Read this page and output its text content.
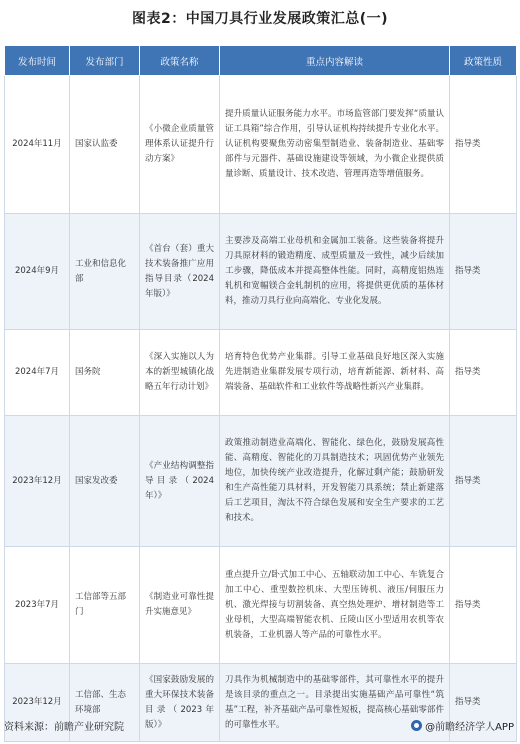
图表2：中国刀具行业发展政策汇总(一)
发布时间	发布部门	政策名称	重点内容解读	政策性质
2024年11月	国家认监委	《小微企业质量管理体系认证提升行动方案》	提升质量认证服务能力水平。市场监管部门要发挥“质量认证工具箱”综合作用，引导认证机构持续提升专业化水平。认证机构要聚焦劳动密集型制造业、装备制造业、基础零部件与元器件、基础设施建设等领域，为小微企业提供质量诊断、质量设计、技术改造、管理再造等增值服务。	指导类
2024年9月	工业和信息化部	《首台（套）重大技术装备推广应用指导目录（2024年版）》	主要涉及高端工业母机和金属加工装备。这些装备将提升刀具原材料的锻造精度、成型质量及一致性，减少后续加工步骤，降低成本并提高整体性能。同时，高精度铝热连轧机和宽幅镁合金轧制机的应用，将提供更优质的基体材料，推动刀具行业向高端化、专业化发展。	指导类
2024年7月	国务院	《深入实施以人为本的新型城镇化战略五年行动计划》	培育特色优势产业集群。引导工业基础良好地区深入实施先进制造业集群发展专项行动，培育新能源、新材料、高端装备、基础软件和工业软件等战略性新兴产业集群。	指导类
2023年12月	国家发改委	《产业结构调整指导目录（2024年）》	政策推动制造业高端化、智能化、绿色化，鼓励发展高性能、高精度、智能化的刀具制造技术；巩固优势产业领先地位，加快传统产业改造提升，化解过剩产能；鼓励研发和生产高性能刀具材料，开发智能刀具系统；禁止新建落后工艺项目，淘汰不符合绿色发展和安全生产要求的工艺和技术。	指导类
2023年7月	工信部等五部门	《制造业可靠性提升实施意见》	重点提升立/卧式加工中心、五轴联动加工中心、车铣复合加工中心、重型数控机床、大型压铸机、液压/伺服压力机、激光焊接与切割装备、真空热处理炉、增材制造等工业母机，大型高端智能农机、丘陵山区小型适用农机等农机装备，工业机器人等产品的可靠性水平。	指导类
2023年12月	工信部、生态环境部	《国家鼓励发展的重大环保技术装备目录（2023年版）》	刀具作为机械制造中的基础零部件，其可靠性水平的提升是该目录的重点之一。目录提出实施基础产品可靠性“筑基”工程，补齐基础产品可靠性短板，提高核心基础零部件的可靠性水平。	指导类
资料来源：前瞻产业研究院	@前瞻经济学人APP
